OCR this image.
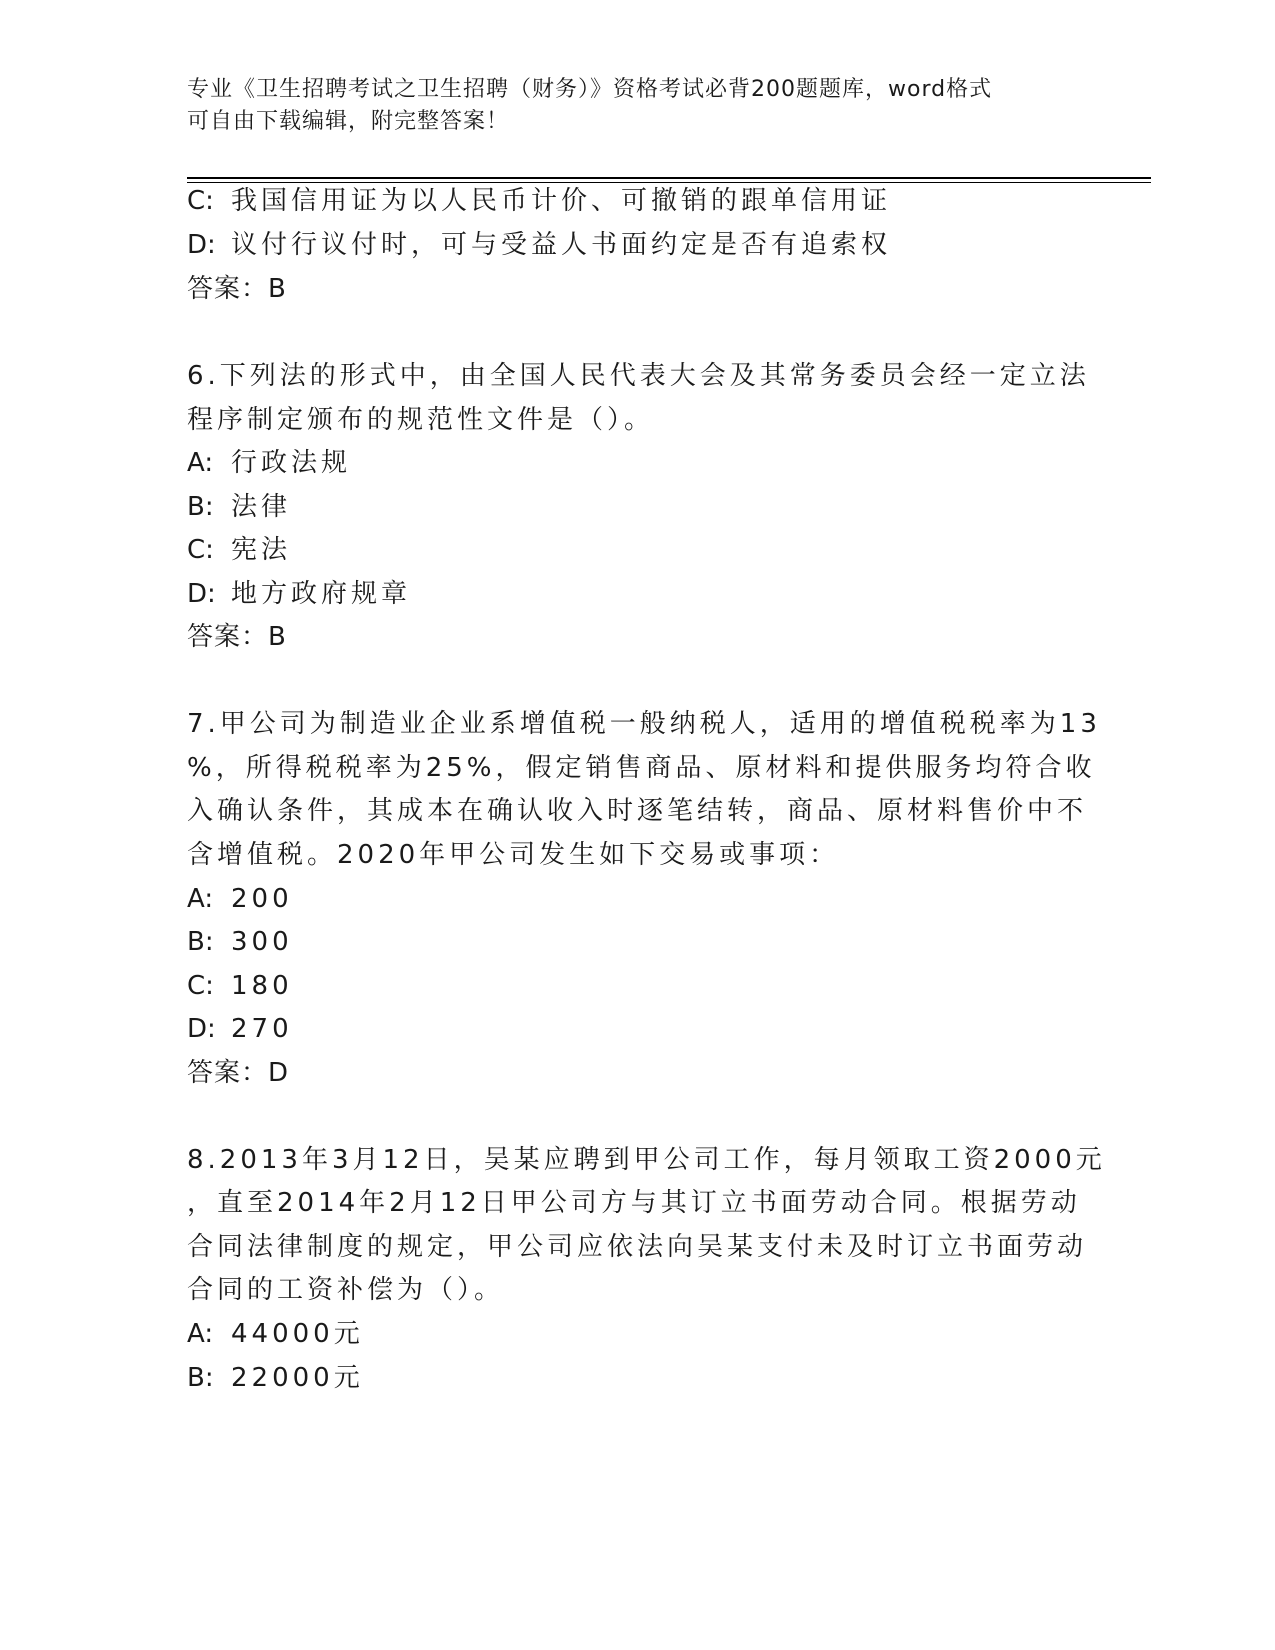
专业《卫生招聘考试之卫生招聘（财务）》资格考试必背200题题库，word格式
可自由下载编辑，附完整答案！
C: 我国信用证为以人民币计价、可撤销的跟单信用证
D: 议付行议付时，可与受益人书面约定是否有追索权
答案：B
6.下列法的形式中，由全国人民代表大会及其常务委员会经一定立法
程序制定颁布的规范性文件是（）。
A: 行政法规
B: 法律
C: 宪法
D: 地方政府规章
答案：B
7.甲公司为制造业企业系增值税一般纳税人，适用的增值税税率为13
%，所得税税率为25%，假定销售商品、原材料和提供服务均符合收
入确认条件，其成本在确认收入时逐笔结转，商品、原材料售价中不
含增值税。2020年甲公司发生如下交易或事项：
A: 200
B: 300
C: 180
D: 270
答案：D
8.2013年3月12日，吴某应聘到甲公司工作，每月领取工资2000元
，直至2014年2月12日甲公司方与其订立书面劳动合同。根据劳动
合同法律制度的规定，甲公司应依法向吴某支付未及时订立书面劳动
合同的工资补偿为（）。
A: 44000元
B: 22000元
